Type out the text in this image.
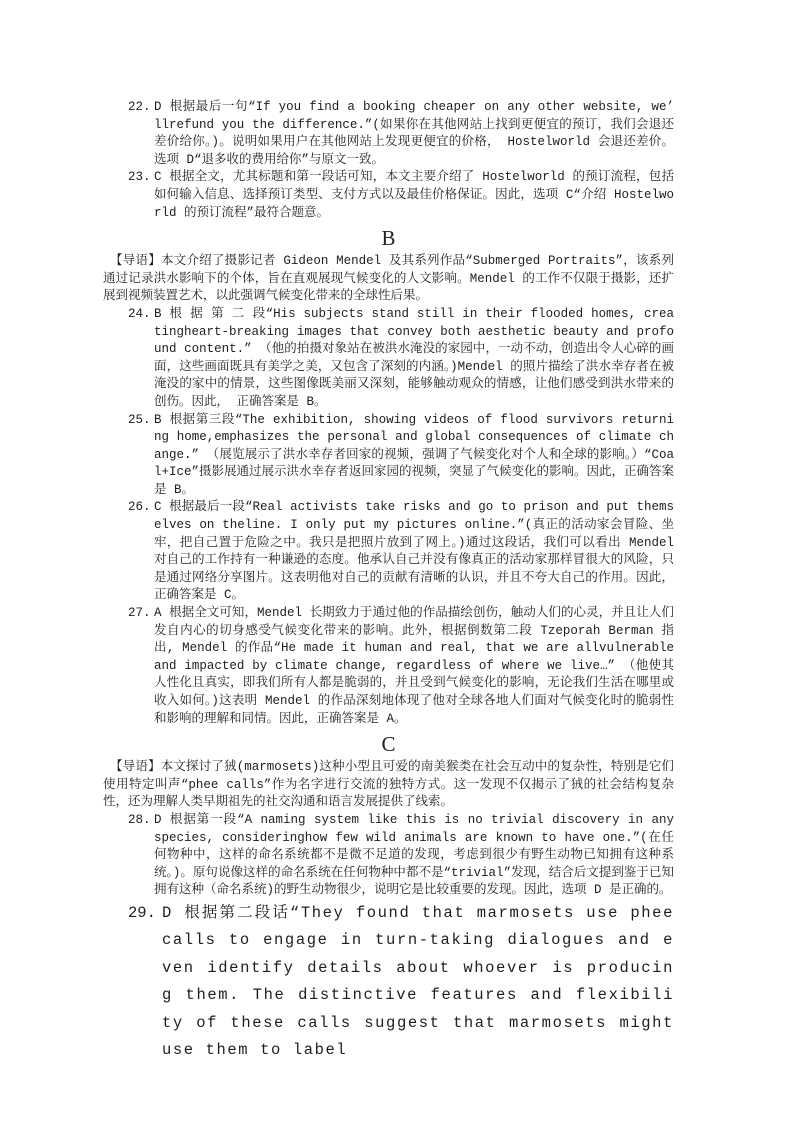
22. D 根据最后一句“If you find a booking cheaper on any other website, we’ llrefund you the difference.”(如果你在其他网站上找到更便宜的预订，我们会退还差价给你。)。说明如果用户在其他网站上发现更便宜的价格， Hostelworld 会退还差价。选项 D“退多收的费用给你”与原文一致。
23. C 根据全文，尤其标题和第一段话可知，本文主要介绍了 Hostelworld 的预订流程，包括如何输入信息、选择预订类型、支付方式以及最佳价格保证。因此，选项 C“介绍 Hostelworld 的预订流程”最符合题意。
B
【导语】本文介绍了摄影记者 Gideon Mendel 及其系列作品“Submerged Portraits”，该系列通过记录洪水影响下的个体，旨在直观展现气候变化的人文影响。Mendel 的工作不仅限于摄影，还扩展到视频装置艺术，以此强调气候变化带来的全球性后果。
24. B 根 据 第 二 段“His subjects stand still in their flooded homes, creatingheart-breaking images that convey both aesthetic beauty and profound content.” （他的拍摄对象站在被洪水淹没的家园中，一动不动，创造出令人心碎的画面，这些画面既具有美学之美，又包含了深刻的内涵。)Mendel 的照片描绘了洪水幸存者在被淹没的家中的情景，这些图像既美丽又深刻，能够触动观众的情感，让他们感受到洪水带来的创伤。因此， 正确答案是 B。
25. B 根据第三段“The exhibition, showing videos of flood survivors returning home,emphasizes the personal and global consequences of climate change.” （展览展示了洪水幸存者回家的视频，强调了气候变化对个人和全球的影响。）“Coal+Ice”摄影展通过展示洪水幸存者返回家园的视频，突显了气候变化的影响。因此，正确答案是 B。
26. C 根据最后一段“Real activists take risks and go to prison and put themselves on theline. I only put my pictures online.”(真正的活动家会冒险、坐牢，把自己置于危险之中。我只是把照片放到了网上。)通过这段话，我们可以看出 Mendel 对自己的工作持有一种谦逊的态度。他承认自己并没有像真正的活动家那样冒很大的风险，只是通过网络分享图片。这表明他对自己的贡献有清晰的认识，并且不夸大自己的作用。因此，正确答案是 C。
27. A 根据全文可知，Mendel 长期致力于通过他的作品描绘创伤，触动人们的心灵，并且让人们发自内心的切身感受气候变化带来的影响。此外，根据倒数第二段 Tzeporah Berman 指出, Mendel 的作品“He made it human and real, that we are allvulnerable and impacted by climate change, regardless of where we live…” （他使其人性化且真实，即我们所有人都是脆弱的，并且受到气候变化的影响，无论我们生活在哪里或收入如何。)这表明 Mendel 的作品深刻地体现了他对全球各地人们面对气候变化时的脆弱性和影响的理解和同情。因此，正确答案是 A。
C
【导语】本文探讨了狨(marmosets)这种小型且可爱的南美猴类在社会互动中的复杂性，特别是它们使用特定叫声“phee calls”作为名字进行交流的独特方式。这一发现不仅揭示了狨的社会结构复杂性，还为理解人类早期祖先的社交沟通和语言发展提供了线索。
28. D 根据第一段“A naming system like this is no trivial discovery in any species, consideringhow few wild animals are known to have one.”(在任何物种中，这样的命名系统都不是微不足道的发现，考虑到很少有野生动物已知拥有这种系统。)。原句说像这样的命名系统在任何物种中都不是“trivial”发现，结合后文提到鉴于已知拥有这种（命名系统)的野生动物很少，说明它是比较重要的发现。因此，选项 D 是正确的。
29. D 根据第二段话“They found that marmosets use phee calls to engage in turn-taking dialogues and even identify details about whoever is producing them. The distinctive features and flexibility of these calls suggest that marmosets might use them to label
